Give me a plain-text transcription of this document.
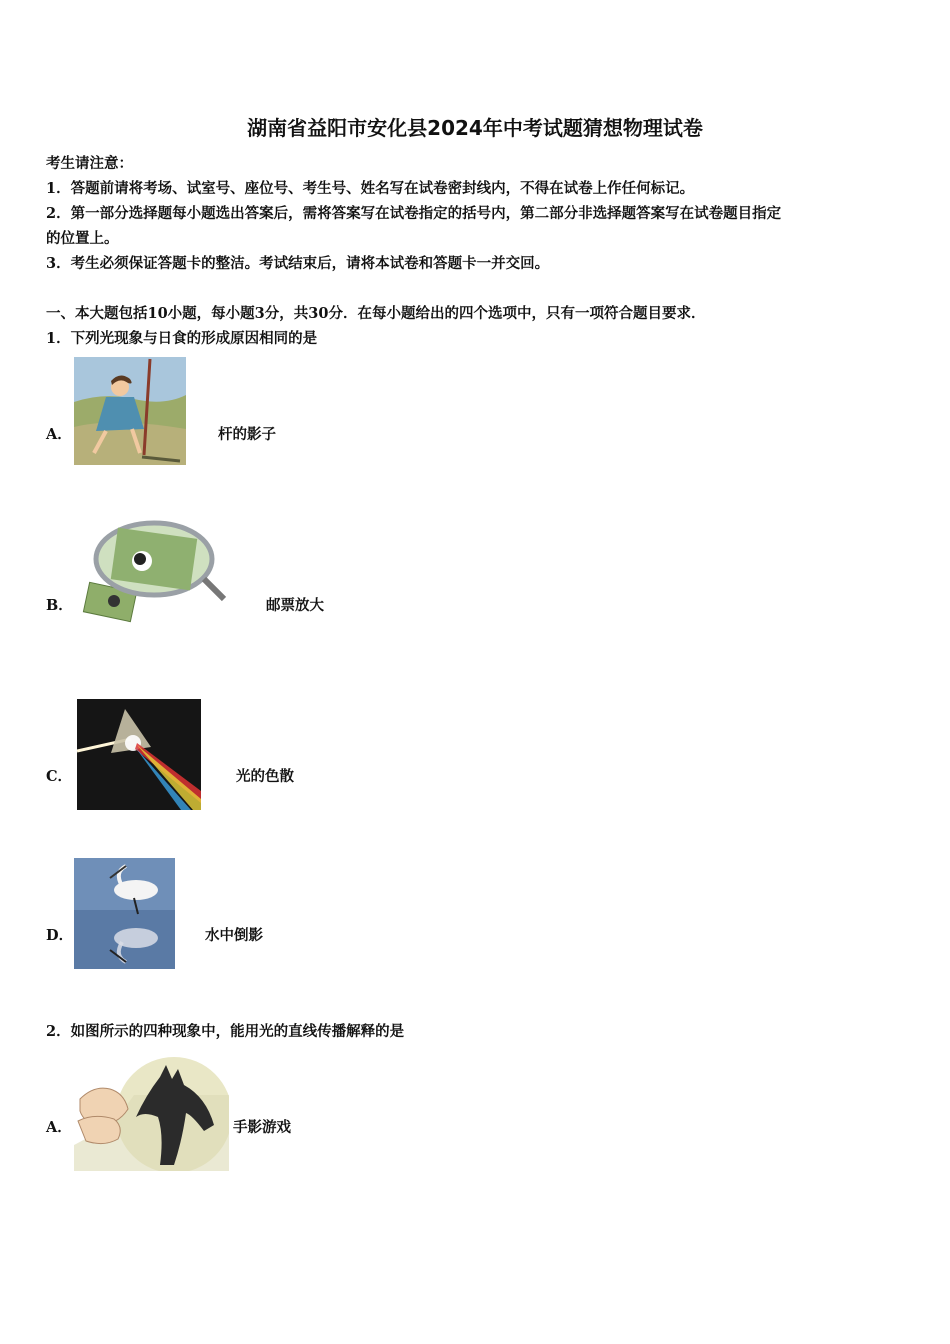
湖南省益阳市安化县2024年中考试题猜想物理试卷
考生请注意：
1．答题前请将考场、试室号、座位号、考生号、姓名写在试卷密封线内，不得在试卷上作任何标记。
2．第一部分选择题每小题选出答案后，需将答案写在试卷指定的括号内，第二部分非选择题答案写在试卷题目指定
的位置上。
3．考生必须保证答题卡的整洁。考试结束后，请将本试卷和答题卡一并交回。
一、本大题包括10小题，每小题3分，共30分．在每小题给出的四个选项中，只有一项符合题目要求．
1．下列光现象与日食的形成原因相同的是
A．	杆的影子
B．	邮票放大
C．	光的色散
D．	水中倒影
2．如图所示的四种现象中，能用光的直线传播解释的是
A．	手影游戏
